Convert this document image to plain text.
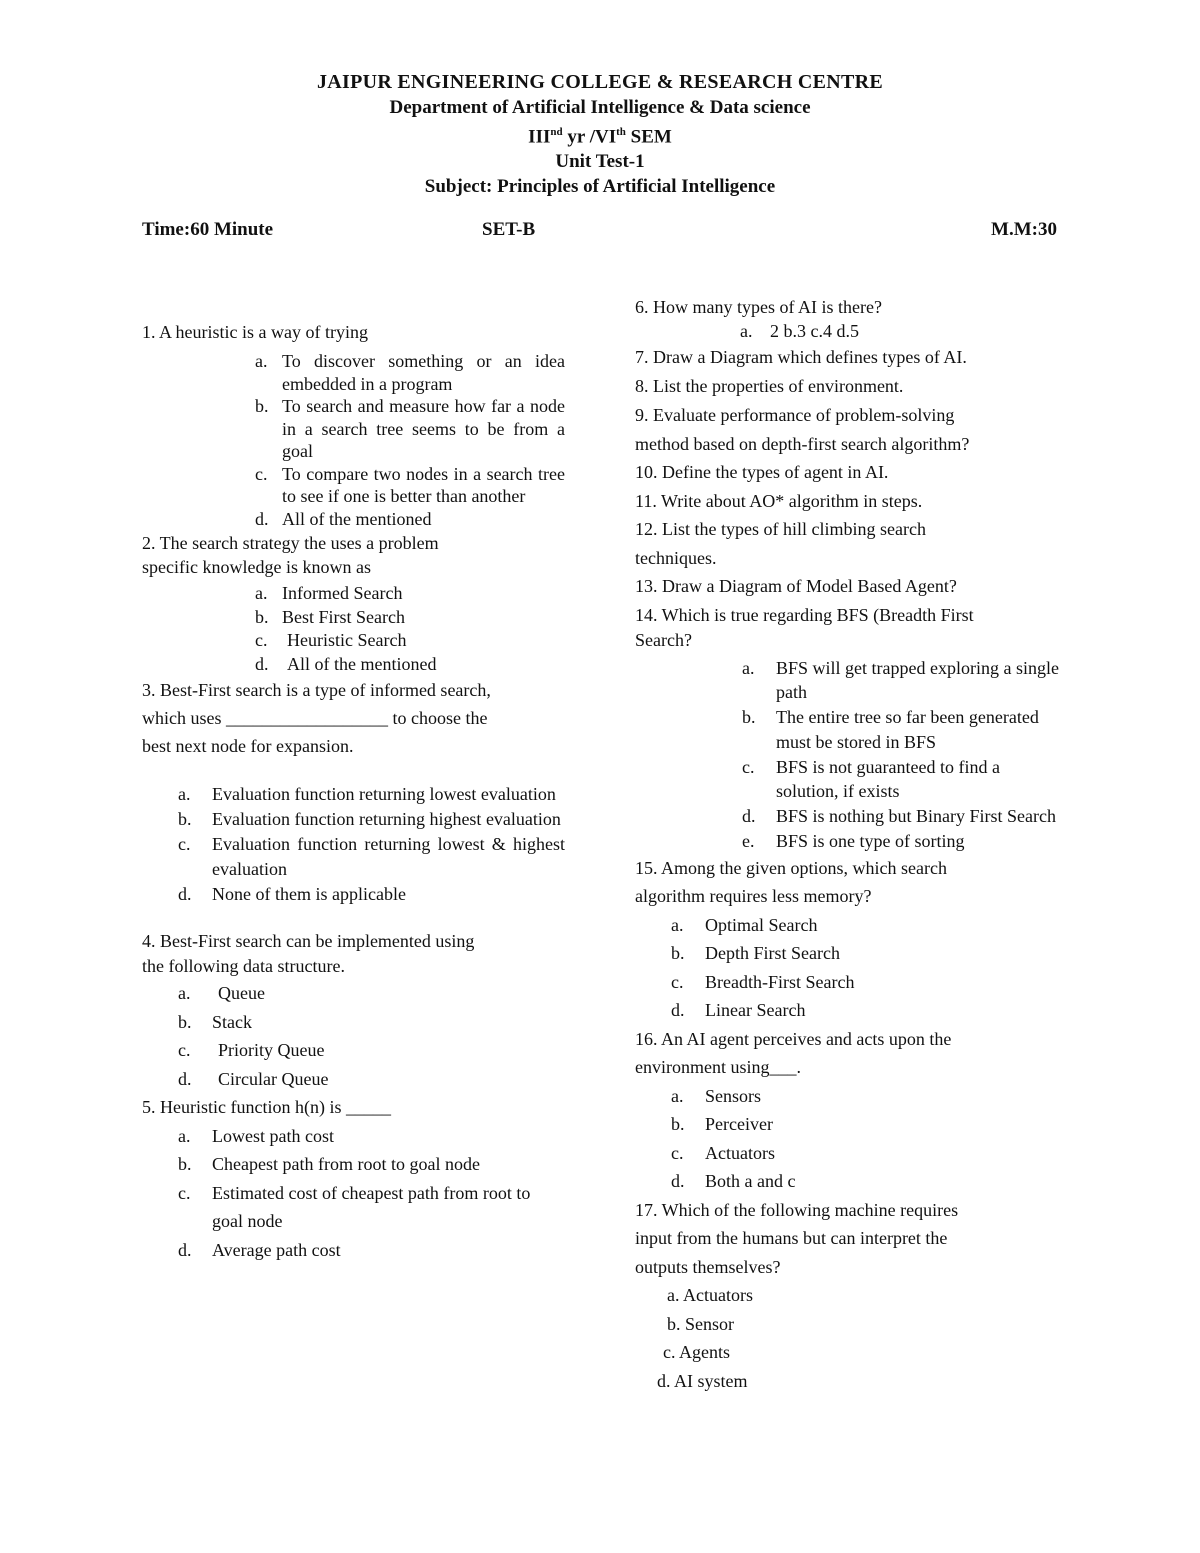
JAIPUR ENGINEERING COLLEGE & RESEARCH CENTRE
Department of Artificial Intelligence & Data science
IIInd yr /VIth SEM
Unit Test-1
Subject: Principles of Artificial Intelligence
Time:60 Minute	SET-B	M.M:30

1. A heuristic is a way of trying

a. To discover something or an idea embedded in a program
b. To search and measure how far a node in a search tree seems to be from a goal
c. To compare two nodes in a search tree to see if one is better than another
d. All of the mentioned

2. The search strategy the uses a problem
specific knowledge is known as

a. Informed Search
b. Best First Search
c. Heuristic Search
d. All of the mentioned

3. Best-First search is a type of informed search,
which uses __________________ to choose the
best next node for expansion.

a. Evaluation function returning lowest evaluation
b. Evaluation function returning highest evaluation
c. Evaluation function returning lowest & highest evaluation
d. None of them is applicable

4. Best-First search can be implemented using
the following data structure.

a. Queue
b. Stack
c. Priority Queue
d. Circular Queue

5. Heuristic function h(n) is _____

a. Lowest path cost
b. Cheapest path from root to goal node
c. Estimated cost of cheapest path from root to goal node
d. Average path cost

6. How many types of AI is there?

a. 2 b.3 c.4 d.5

7. Draw a Diagram which defines types of AI.

8. List the properties of environment.

9. Evaluate performance of problem-solving
method based on depth-first search algorithm?

10. Define the types of agent in AI.

11. Write about AO* algorithm in steps.

12. List the types of hill climbing search
techniques.

13. Draw a Diagram of Model Based Agent?

14. Which is true regarding BFS (Breadth First
Search?

a. BFS will get trapped exploring a single path
b. The entire tree so far been generated must be stored in BFS
c. BFS is not guaranteed to find a solution, if exists
d. BFS is nothing but Binary First Search
e. BFS is one type of sorting

15. Among the given options, which search
algorithm requires less memory?

a. Optimal Search
b. Depth First Search
c. Breadth-First Search
d. Linear Search

16. An AI agent perceives and acts upon the
environment using___.

a. Sensors
b. Perceiver
c. Actuators
d. Both a and c

17. Which of the following machine requires
input from the humans but can interpret the
outputs themselves?

a. Actuators
b. Sensor
c. Agents
d. AI system
